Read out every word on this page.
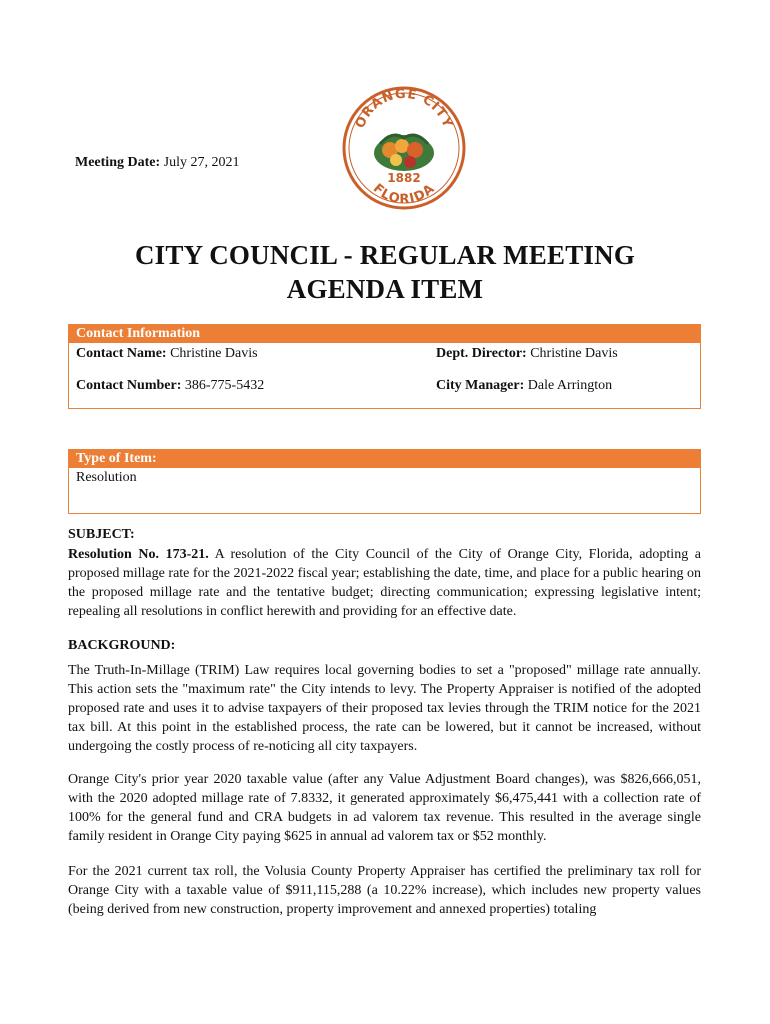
Meeting Date: July 27, 2021
ORANGE CITY
FLORIDA
1882
CITY COUNCIL - REGULAR MEETING
AGENDA ITEM
Contact Information
Contact Name: Christine Davis	Dept. Director: Christine Davis
Contact Number: 386-775-5432	City Manager: Dale Arrington
Type of Item:
Resolution
SUBJECT:

Resolution No. 173-21. A resolution of the City Council of the City of Orange City, Florida, adopting a proposed millage rate for the 2021-2022 fiscal year; establishing the date, time, and place for a public hearing on the proposed millage rate and the tentative budget; directing communication; expressing legislative intent; repealing all resolutions in conflict herewith and providing for an effective date.

BACKGROUND:

The Truth-In-Millage (TRIM) Law requires local governing bodies to set a "proposed" millage rate annually. This action sets the "maximum rate" the City intends to levy. The Property Appraiser is notified of the adopted proposed rate and uses it to advise taxpayers of their proposed tax levies through the TRIM notice for the 2021 tax bill. At this point in the established process, the rate can be lowered, but it cannot be increased, without undergoing the costly process of re-noticing all city taxpayers.

Orange City's prior year 2020 taxable value (after any Value Adjustment Board changes), was $826,666,051, with the 2020 adopted millage rate of 7.8332, it generated approximately $6,475,441 with a collection rate of 100% for the general fund and CRA budgets in ad valorem tax revenue. This resulted in the average single family resident in Orange City paying $625 in annual ad valorem tax or $52 monthly.

For the 2021 current tax roll, the Volusia County Property Appraiser has certified the preliminary tax roll for Orange City with a taxable value of $911,115,288 (a 10.22% increase), which includes new property values (being derived from new construction, property improvement and annexed properties) totaling
